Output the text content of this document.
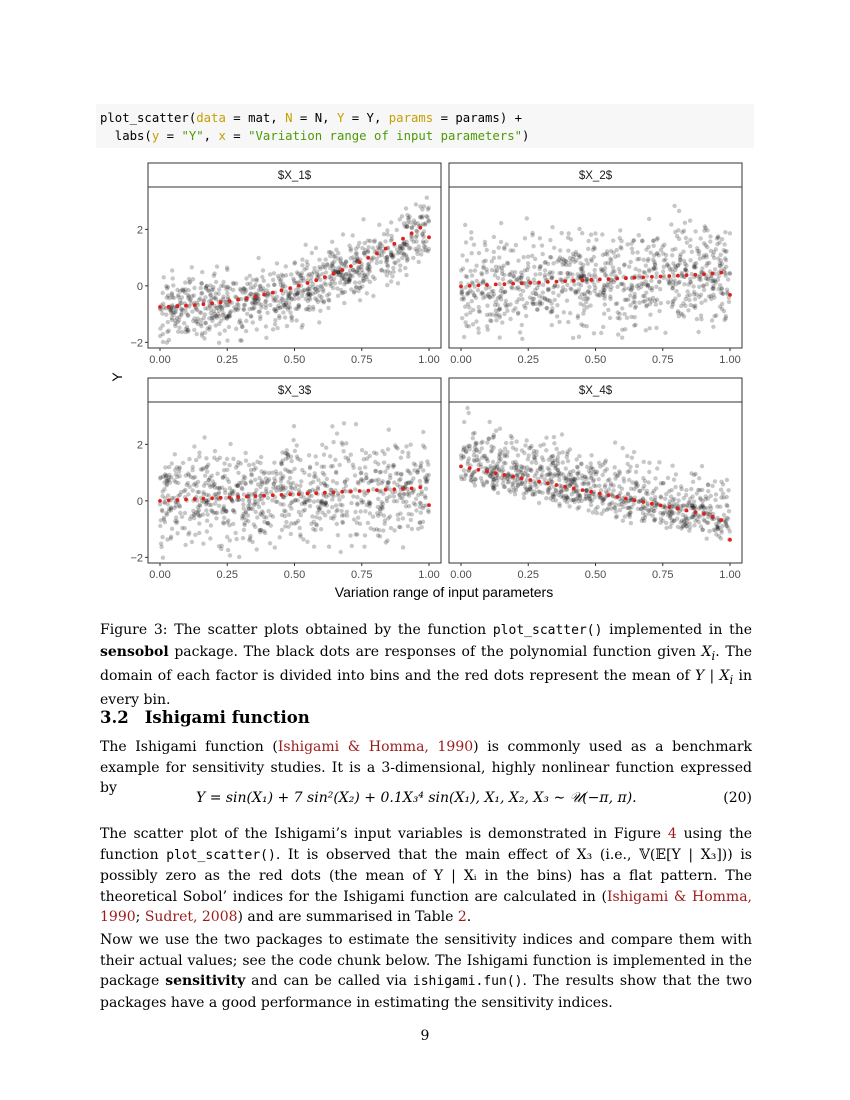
plot_scatter(data = mat, N = N, Y = Y, params = params) +
labs(y = "Y", x = "Variation range of input parameters")
$X_1$
−2
0
2
0.00	0.25	0.50	0.75	1.00
$X_2$
0.00	0.25	0.50	0.75	1.00
$X_3$
−2
0
2
0.00	0.25	0.50	0.75	1.00
$X_4$
0.00	0.25	0.50	0.75	1.00
Y
Variation range of input parameters
Figure 3: The scatter plots obtained by the function plot_scatter() implemented in the sensobol package. The black dots are responses of the polynomial function given $X_i$. The domain of each factor is divided into bins and the red dots represent the mean of Y | $X_i$ in every bin.
3.2 Ishigami function
The Ishigami function (Ishigami & Homma, 1990) is commonly used as a benchmark example for sensitivity studies. It is a 3-dimensional, highly nonlinear function expressed by
Y = sin(X₁) + 7 sin²(X₂) + 0.1X₃⁴ sin(X₁), X₁, X₂, X₃ ∼ 𝒰(−π, π).	(20)
The scatter plot of the Ishigami’s input variables is demonstrated in Figure 4 using the function plot_scatter(). It is observed that the main effect of X₃ (i.e., 𝕍(𝔼[Y | X₃])) is possibly zero as the red dots (the mean of Y | Xᵢ in the bins) has a flat pattern. The theoretical Sobol’ indices for the Ishigami function are calculated in (Ishigami & Homma, 1990; Sudret, 2008) and are summarised in Table 2.
Now we use the two packages to estimate the sensitivity indices and compare them with their actual values; see the code chunk below. The Ishigami function is implemented in the package sensitivity and can be called via ishigami.fun(). The results show that the two packages have a good performance in estimating the sensitivity indices.
9
